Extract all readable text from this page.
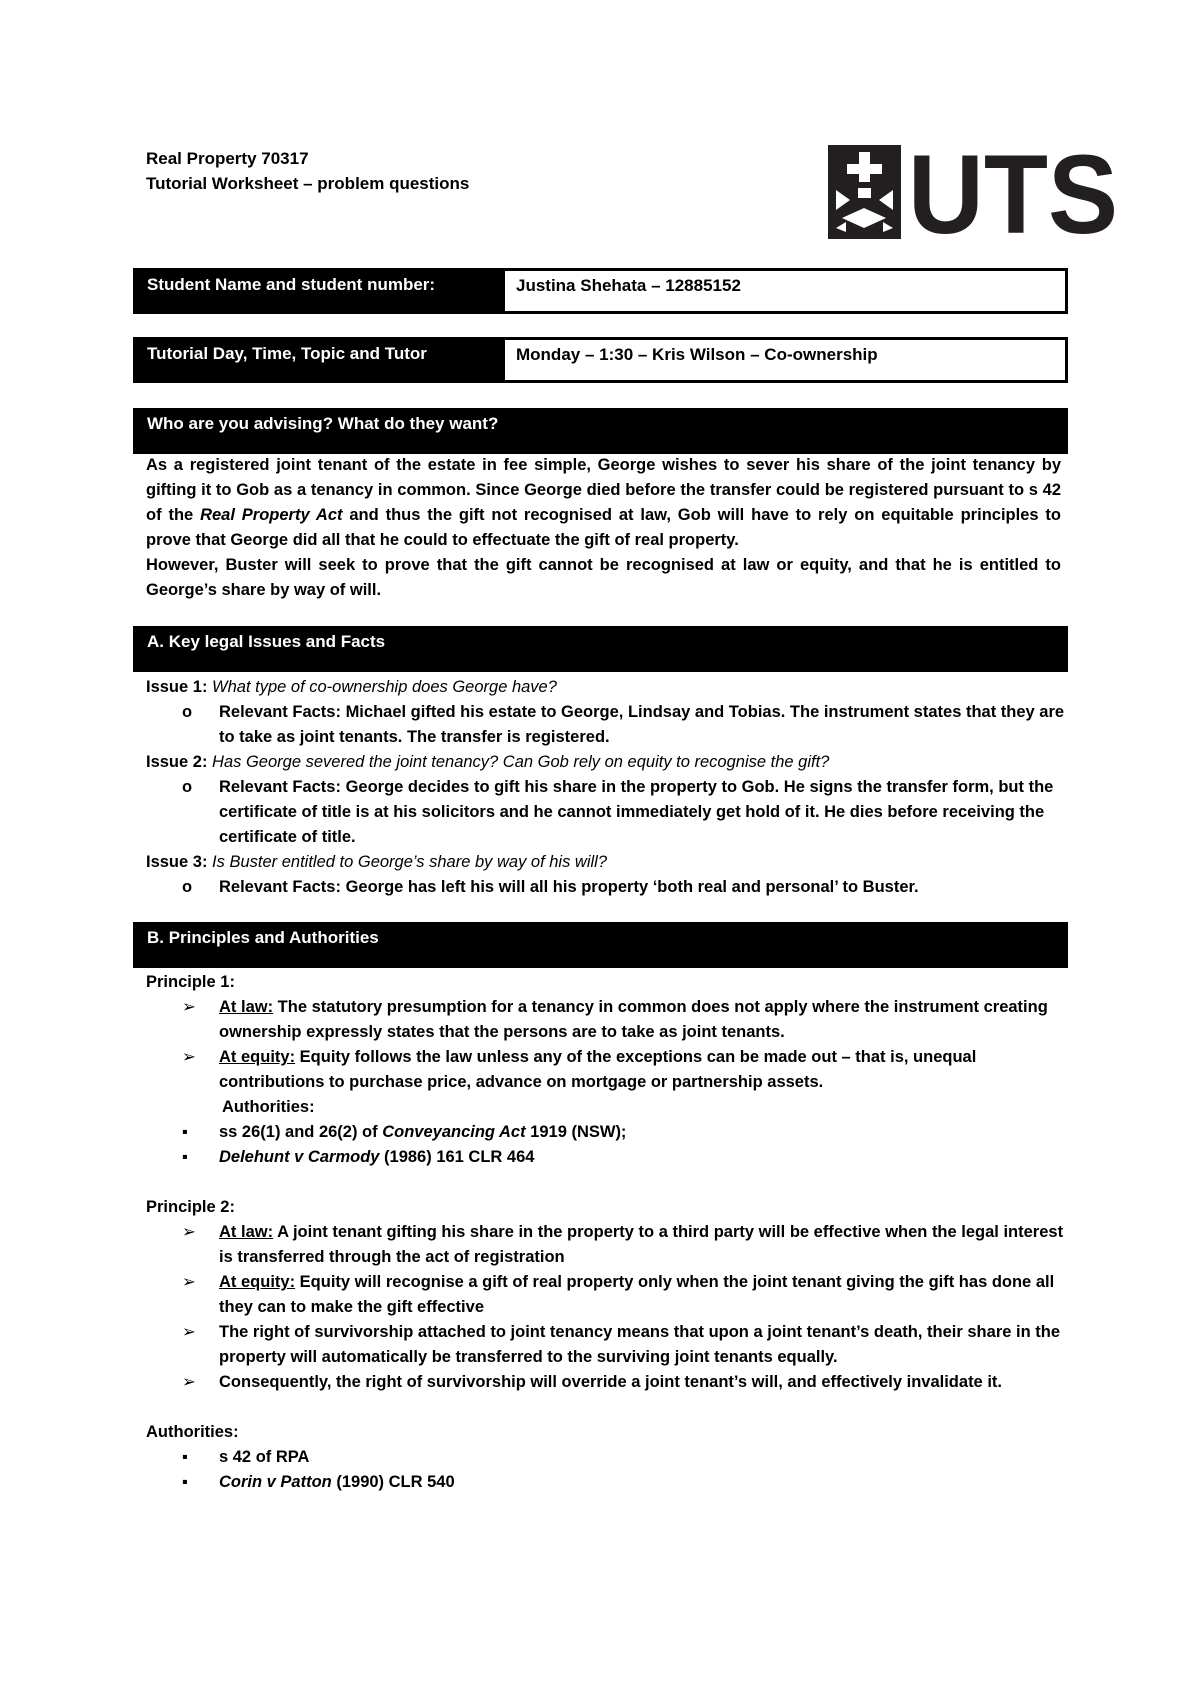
Real Property 70317
Tutorial Worksheet – problem questions	UTS
Student Name and student number:	Justina Shehata – 12885152
Tutorial Day, Time, Topic and Tutor	Monday – 1:30 – Kris Wilson – Co-ownership
Who are you advising? What do they want?

As a registered joint tenant of the estate in fee simple, George wishes to sever his share of the joint tenancy by gifting it to Gob as a tenancy in common. Since George died before the transfer could be registered pursuant to s 42 of the Real Property Act and thus the gift not recognised at law, Gob will have to rely on equitable principles to prove that George did all that he could to effectuate the gift of real property.

However, Buster will seek to prove that the gift cannot be recognised at law or equity, and that he is entitled to George’s share by way of will.

A. Key legal Issues and Facts
Issue 1: What type of co-ownership does George have?
o Relevant Facts: Michael gifted his estate to George, Lindsay and Tobias. The instrument states that they are to take as joint tenants. The transfer is registered.
Issue 2: Has George severed the joint tenancy? Can Gob rely on equity to recognise the gift?
o Relevant Facts: George decides to gift his share in the property to Gob. He signs the transfer form, but the certificate of title is at his solicitors and he cannot immediately get hold of it. He dies before receiving the certificate of title.
Issue 3: Is Buster entitled to George’s share by way of his will?
o Relevant Facts: George has left his will all his property ‘both real and personal’ to Buster.
B. Principles and Authorities
Principle 1:
➢ At law: The statutory presumption for a tenancy in common does not apply where the instrument creating ownership expressly states that the persons are to take as joint tenants.
➢ At equity: Equity follows the law unless any of the exceptions can be made out – that is, unequal contributions to purchase price, advance on mortgage or partnership assets.
Authorities:
▪ ss 26(1) and 26(2) of Conveyancing Act 1919 (NSW);
▪ Delehunt v Carmody (1986) 161 CLR 464
Principle 2:
➢ At law: A joint tenant gifting his share in the property to a third party will be effective when the legal interest is transferred through the act of registration
➢ At equity: Equity will recognise a gift of real property only when the joint tenant giving the gift has done all they can to make the gift effective
➢ The right of survivorship attached to joint tenancy means that upon a joint tenant’s death, their share in the property will automatically be transferred to the surviving joint tenants equally.
➢ Consequently, the right of survivorship will override a joint tenant’s will, and effectively invalidate it.
Authorities:
▪ s 42 of RPA
▪ Corin v Patton (1990) CLR 540
